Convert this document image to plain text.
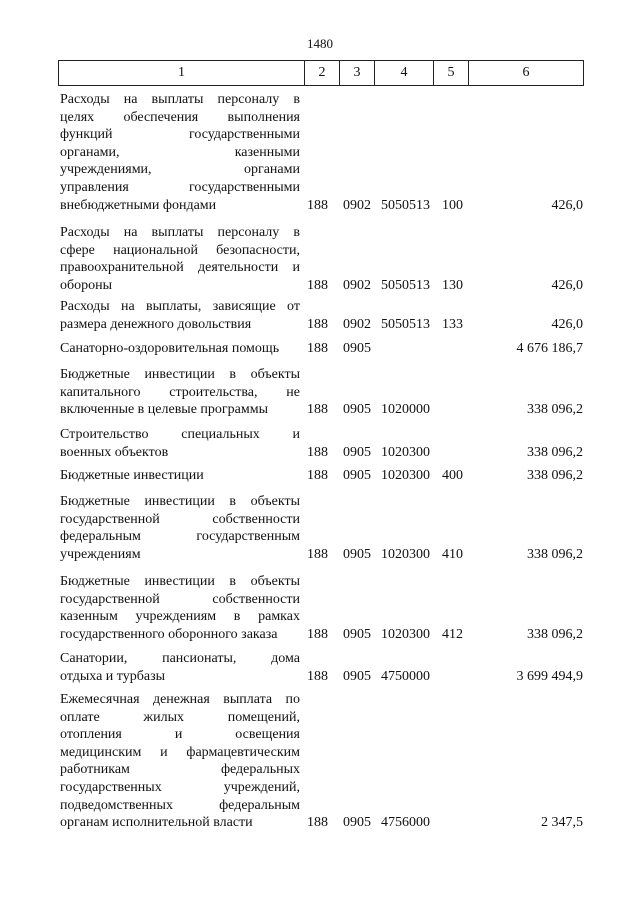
1480
1	2	3	4	5	6
Расходы на выплаты персоналу в
целях обеспечения выполнения
функций государственными
органами, казенными
учреждениями, органами
управления государственными
внебюджетными фондами	188 0902 5050513 100	426,0
Расходы на выплаты персоналу в
сфере национальной безопасности,
правоохранительной деятельности и
обороны	188 0902 5050513 130	426,0
Расходы на выплаты, зависящие от
размера денежного довольствия	188 0902 5050513 133	426,0
Санаторно-оздоровительная помощь	188 0905	4 676 186,7
Бюджетные инвестиции в объекты
капитального строительства, не
включенные в целевые программы	188 0905 1020000	338 096,2
Строительство специальных и
военных объектов	188 0905 1020300	338 096,2
Бюджетные инвестиции	188 0905 1020300 400	338 096,2
Бюджетные инвестиции в объекты
государственной собственности
федеральным государственным
учреждениям	188 0905 1020300 410	338 096,2
Бюджетные инвестиции в объекты
государственной собственности
казенным учреждениям в рамках
государственного оборонного заказа	188 0905 1020300 412	338 096,2
Санатории, пансионаты, дома
отдыха и турбазы	188 0905 4750000	3 699 494,9
Ежемесячная денежная выплата по
оплате жилых помещений,
отопления и освещения
медицинским и фармацевтическим
работникам федеральных
государственных учреждений,
подведомственных федеральным
органам исполнительной власти	188 0905 4756000	2 347,5
